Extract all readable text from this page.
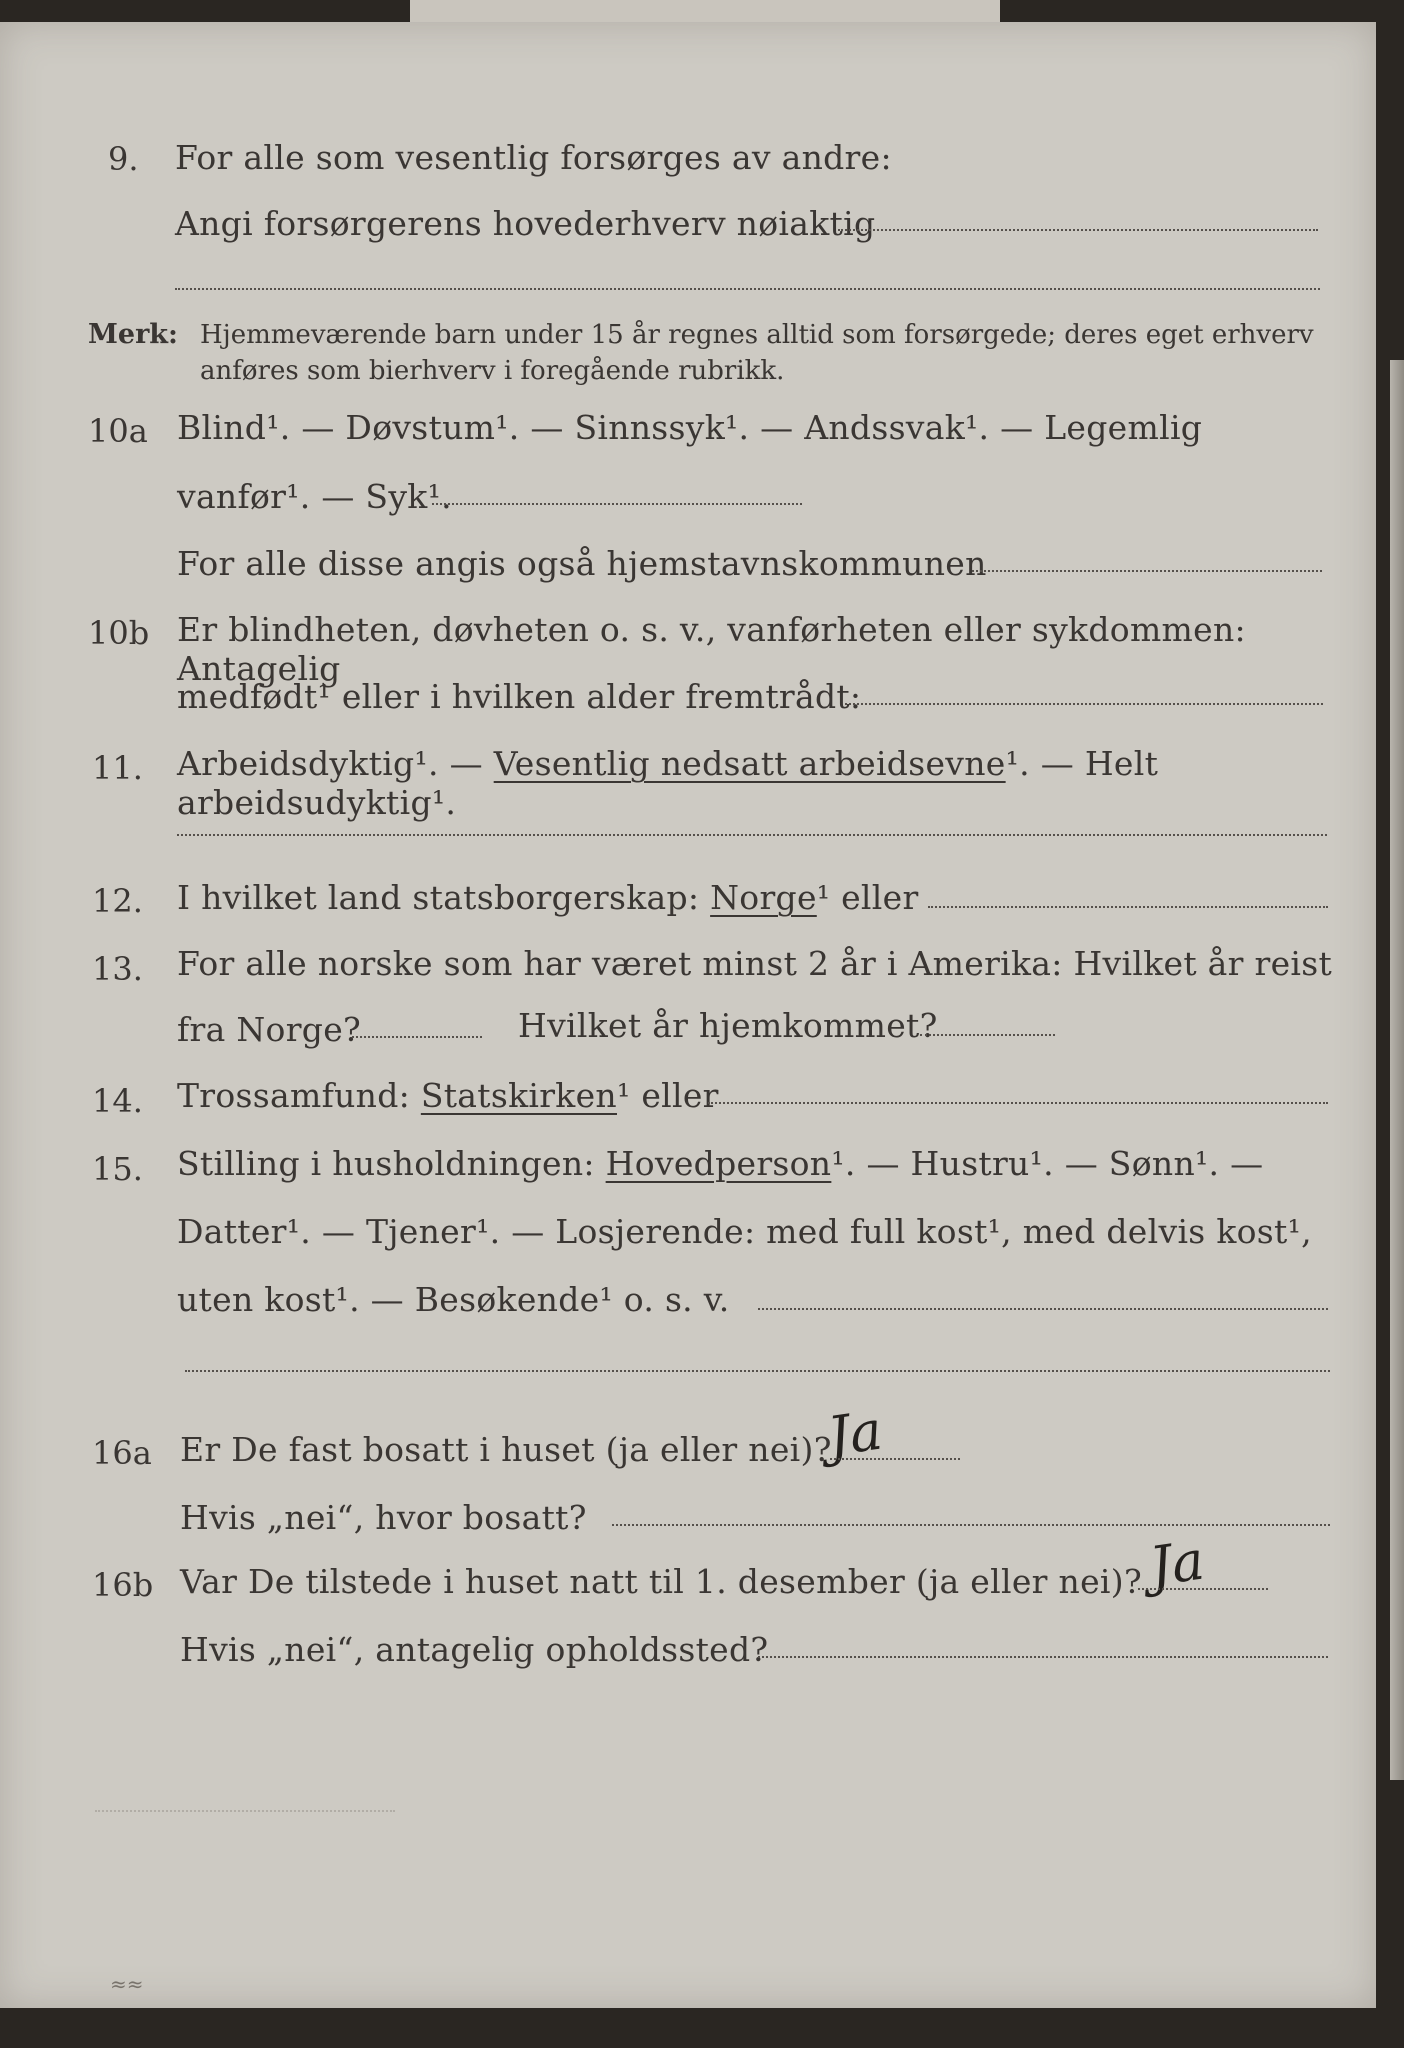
9. For alle som vesentlig forsørges av andre:
Angi forsørgerens hovederhverv nøiaktig
Merk: Hjemmeværende barn under 15 år regnes alltid som forsørgede; deres eget erhverv
anføres som bierhverv i foregående rubrikk.
10a Blind¹. — Døvstum¹. — Sinnssyk¹. — Andssvak¹. — Legemlig
vanfør¹. — Syk¹.
For alle disse angis også hjemstavnskommunen
10b Er blindheten, døvheten o. s. v., vanførheten eller sykdommen: Antagelig
medfødt¹ eller i hvilken alder fremtrådt:
11. Arbeidsdyktig¹. — Vesentlig nedsatt arbeidsevne¹. — Helt arbeidsudyktig¹.
12. I hvilket land statsborgerskap: Norge¹ eller
13. For alle norske som har været minst 2 år i Amerika: Hvilket år reist
fra Norge?	Hvilket år hjemkommet?
14. Trossamfund: Statskirken¹ eller
15. Stilling i husholdningen: Hovedperson¹. — Hustru¹. — Sønn¹. —
Datter¹. — Tjener¹. — Losjerende: med full kost¹, med delvis kost¹,
uten kost¹. — Besøkende¹ o. s. v.
16a Er De fast bosatt i huset (ja eller nei)?
Ja
Hvis „nei“, hvor bosatt?
16b Var De tilstede i huset natt til 1. desember (ja eller nei)? Ja
Hvis „nei“, antagelig opholdssted?
≈≈
